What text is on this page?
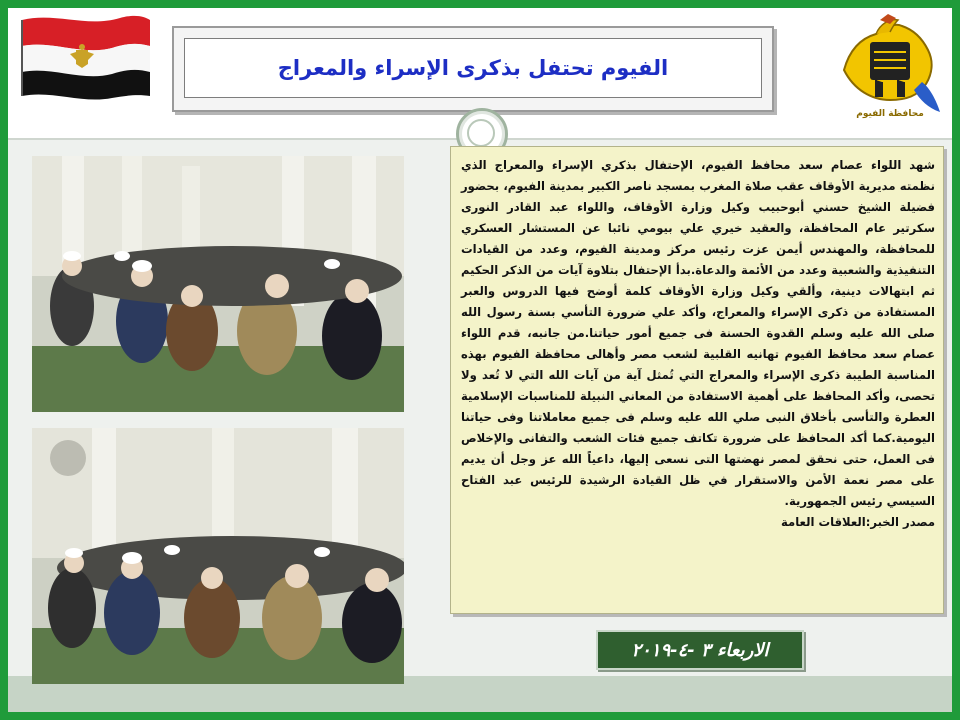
محافظة الفيوم
الفيوم تحتفل بذكرى الإسراء والمعراج
شهد اللواء عصام سعد محافظ الفيوم، الإحتفال بذكري الإسراء والمعراج الذي نظمته مديرية الأوقاف عقب صلاة المغرب بمسجد ناصر الكبير بمدينة الفيوم، بحضور فضيلة الشيخ حسني أبوحبيب وكيل وزارة الأوقاف، واللواء عبد القادر النورى سكرتير عام المحافظة، والعقيد خيري علي بيومي نائبا عن المستشار العسكري للمحافظة، والمهندس أيمن عزت رئيس مركز ومدينة الفيوم، وعدد من القيادات التنفيذية والشعبية وعدد من الأئمة والدعاة.بدأ الإحتفال بتلاوة آيات من الذكر الحكيم ثم ابتهالات دينية، وألقي وكيل وزارة الأوقاف كلمة أوضح فيها الدروس والعبر المستفادة من ذكرى الإسراء والمعراج، وأكد علي ضرورة التأسي بسنة رسول الله صلى الله عليه وسلم القدوة الحسنة فى جميع أمور حياتنا.من جانبه، قدم اللواء عصام سعد محافظ الفيوم تهانيه القلبية لشعب مصر وأهالى محافظة الفيوم بهذه المناسبة الطيبة ذكرى الإسراء والمعراج التي تُمثل آية من آيات الله التي لا تُعد ولا تحصى، وأكد المحافظ على أهمية الاستفادة من المعاني النبيلة للمناسبات الإسلامية العطرة والتأسى بأخلاق النبى صلي الله عليه وسلم فى جميع معاملاتنا وفى حياتنا اليومية.كما أكد المحافظ على ضرورة تكاتف جميع فئات الشعب والتفانى والإخلاص فى العمل، حتى نحقق لمصر نهضتها التى نسعى إليها، داعياً الله عز وجل أن يديم على مصر نعمة الأمن والاستقرار في ظل القيادة الرشيدة للرئيس عبد الفتاح السيسي رئيس الجمهورية.
مصدر الخبر:العلاقات العامة
الاربعاء ٣ -٤-٢٠١٩
